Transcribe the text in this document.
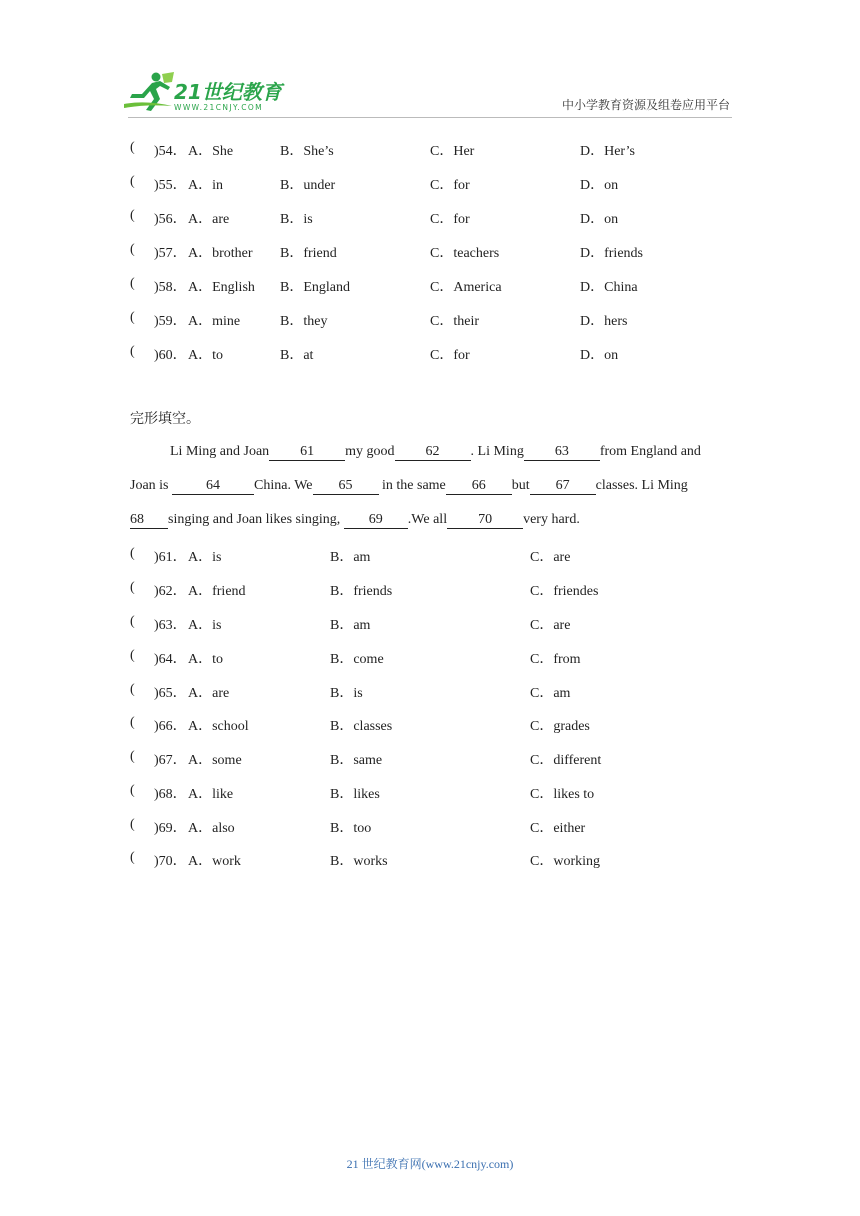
21世纪教育
WWW.21CNJY.COM	中小学教育资源及组卷应用平台
( )54． A．She	B．She’s	C．Her	D．Her’s
( )55． A．in	B．under	C．for	D．on
( )56． A．are	B．is	C．for	D．on
( )57． A．brother B．friend	C．teachers	D．friends
( )58． A．English B．England	C．America	D．China
( )59． A．mine	B．they	C．their	D．hers
( )60． A．to	B．at	C．for	D．on
完形填空。
Li Ming and Joan 61 my good 62 . Li Ming 63 from England and
Joan is 64 China. We 65 in the same 66 but 67 classes. Li Ming
68 singing and Joan likes singing, 69 .We all 70 very hard.
( )61． A．is	B．am	C．are
( )62． A．friend	B．friends	C．friendes
( )63． A．is	B．am	C．are
( )64． A．to	B．come	C．from
( )65． A．are	B．is	C．am
( )66． A．school	B．classes	C．grades
( )67． A．some	B．same	C．different
( )68． A．like	B．likes	C．likes to
( )69． A．also	B．too	C．either
( )70． A．work	B．works	C．working
21 世纪教育网(www.21cnjy.com)
